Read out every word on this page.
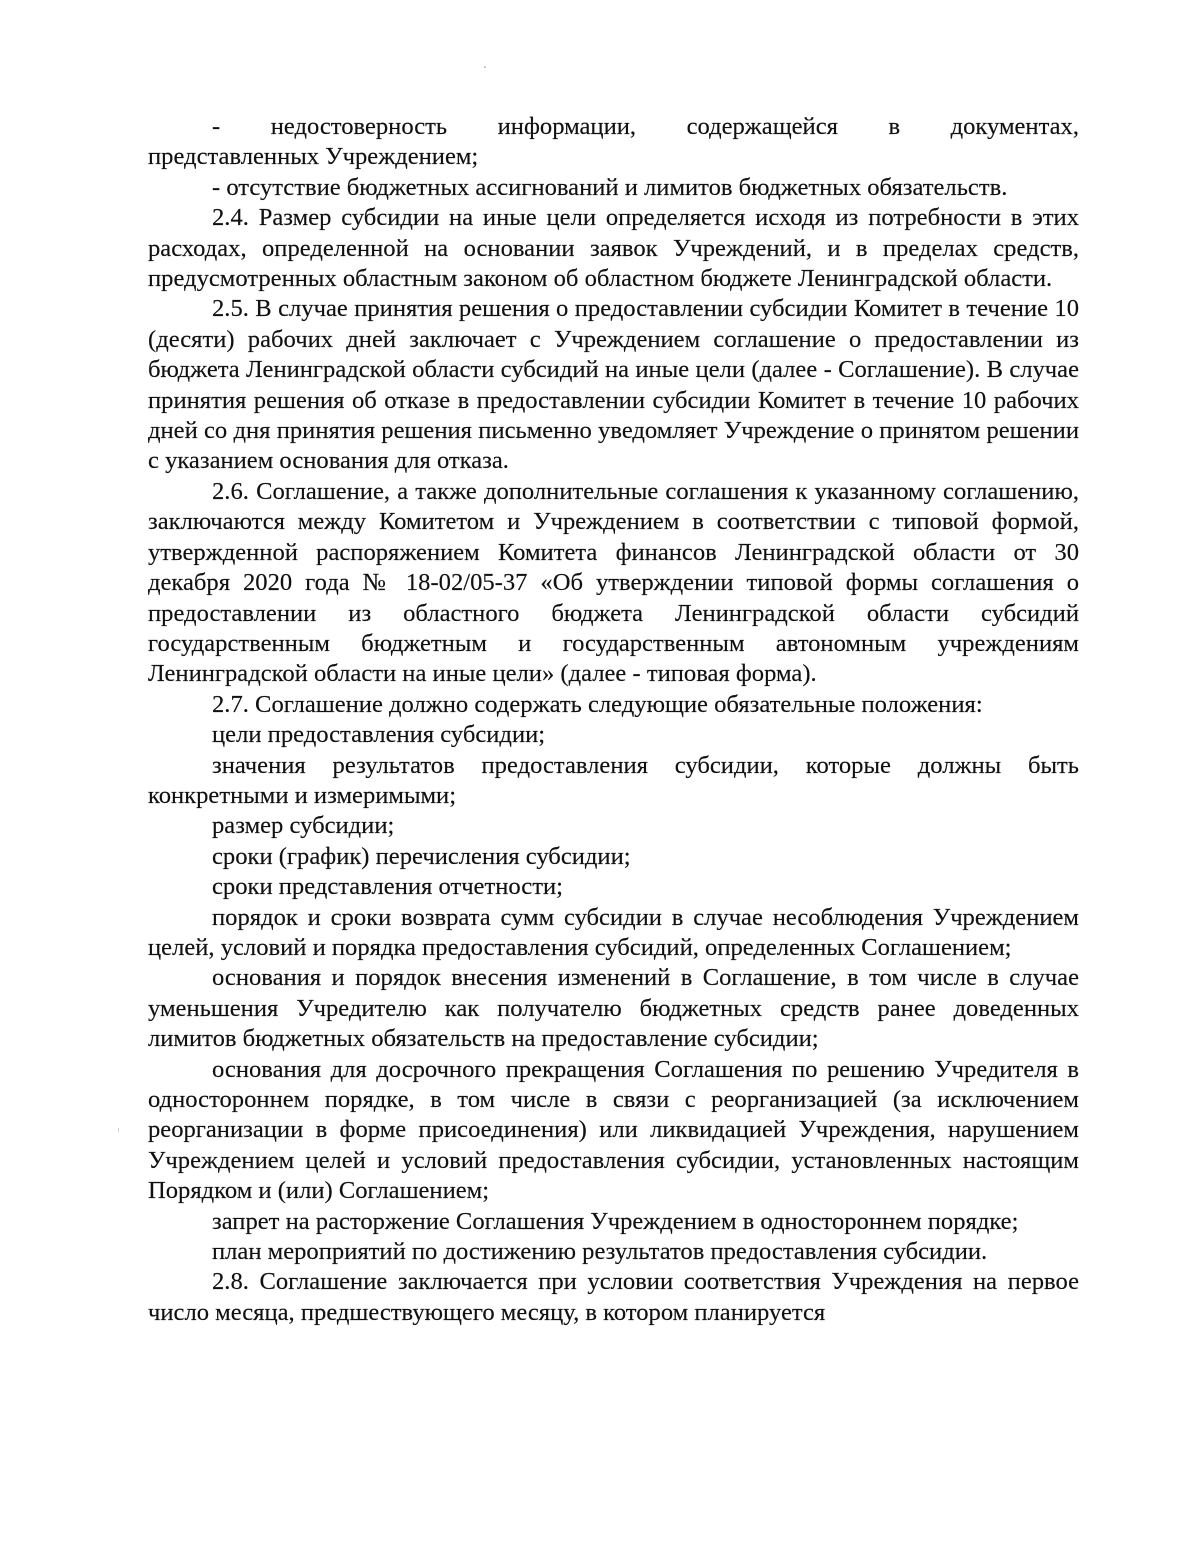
-      недостоверность      информации,      содержащейся      в      документах, представленных Учреждением;

- отсутствие бюджетных ассигнований и лимитов бюджетных обязательств.

2.4. Размер субсидии на иные цели определяется исходя из потребности в этих расходах, определенной на основании заявок Учреждений, и в пределах средств, предусмотренных областным законом об областном бюджете Ленинградской области.

2.5. В случае принятия решения о предоставлении субсидии Комитет в течение 10 (десяти) рабочих дней заключает с Учреждением соглашение о предоставлении из бюджета Ленинградской области субсидий на иные цели (далее - Соглашение). В случае принятия решения об отказе в предоставлении субсидии Комитет в течение 10 рабочих дней со дня принятия решения письменно уведомляет Учреждение о принятом решении с указанием основания для отказа.

2.6. Соглашение, а также дополнительные соглашения к указанному соглашению, заключаются между Комитетом и Учреждением в соответствии с типовой формой, утвержденной распоряжением Комитета финансов Ленинградской области от 30 декабря 2020 года № 18-02/05-37 «Об утверждении типовой формы соглашения о предоставлении из областного бюджета Ленинградской области субсидий государственным бюджетным и государственным автономным учреждениям Ленинградской области на иные цели» (далее - типовая форма).

2.7. Соглашение должно содержать следующие обязательные положения:

цели предоставления субсидии;

значения результатов предоставления субсидии, которые должны быть конкретными и измеримыми;

размер субсидии;

сроки (график) перечисления субсидии;

сроки представления отчетности;

порядок и сроки возврата сумм субсидии в случае несоблюдения Учреждением целей, условий и порядка предоставления субсидий, определенных Соглашением;

основания и порядок внесения изменений в Соглашение, в том числе в случае уменьшения Учредителю как получателю бюджетных средств ранее доведенных лимитов бюджетных обязательств на предоставление субсидии;

основания для досрочного прекращения Соглашения по решению Учредителя в одностороннем порядке, в том числе в связи с реорганизацией (за исключением реорганизации в форме присоединения) или ликвидацией Учреждения, нарушением Учреждением целей и условий предоставления субсидии, установленных настоящим Порядком и (или) Соглашением;

запрет на расторжение Соглашения Учреждением в одностороннем порядке;

план мероприятий по достижению результатов предоставления субсидии.

2.8. Соглашение заключается при условии соответствия Учреждения на первое число месяца, предшествующего месяцу, в котором планируется
